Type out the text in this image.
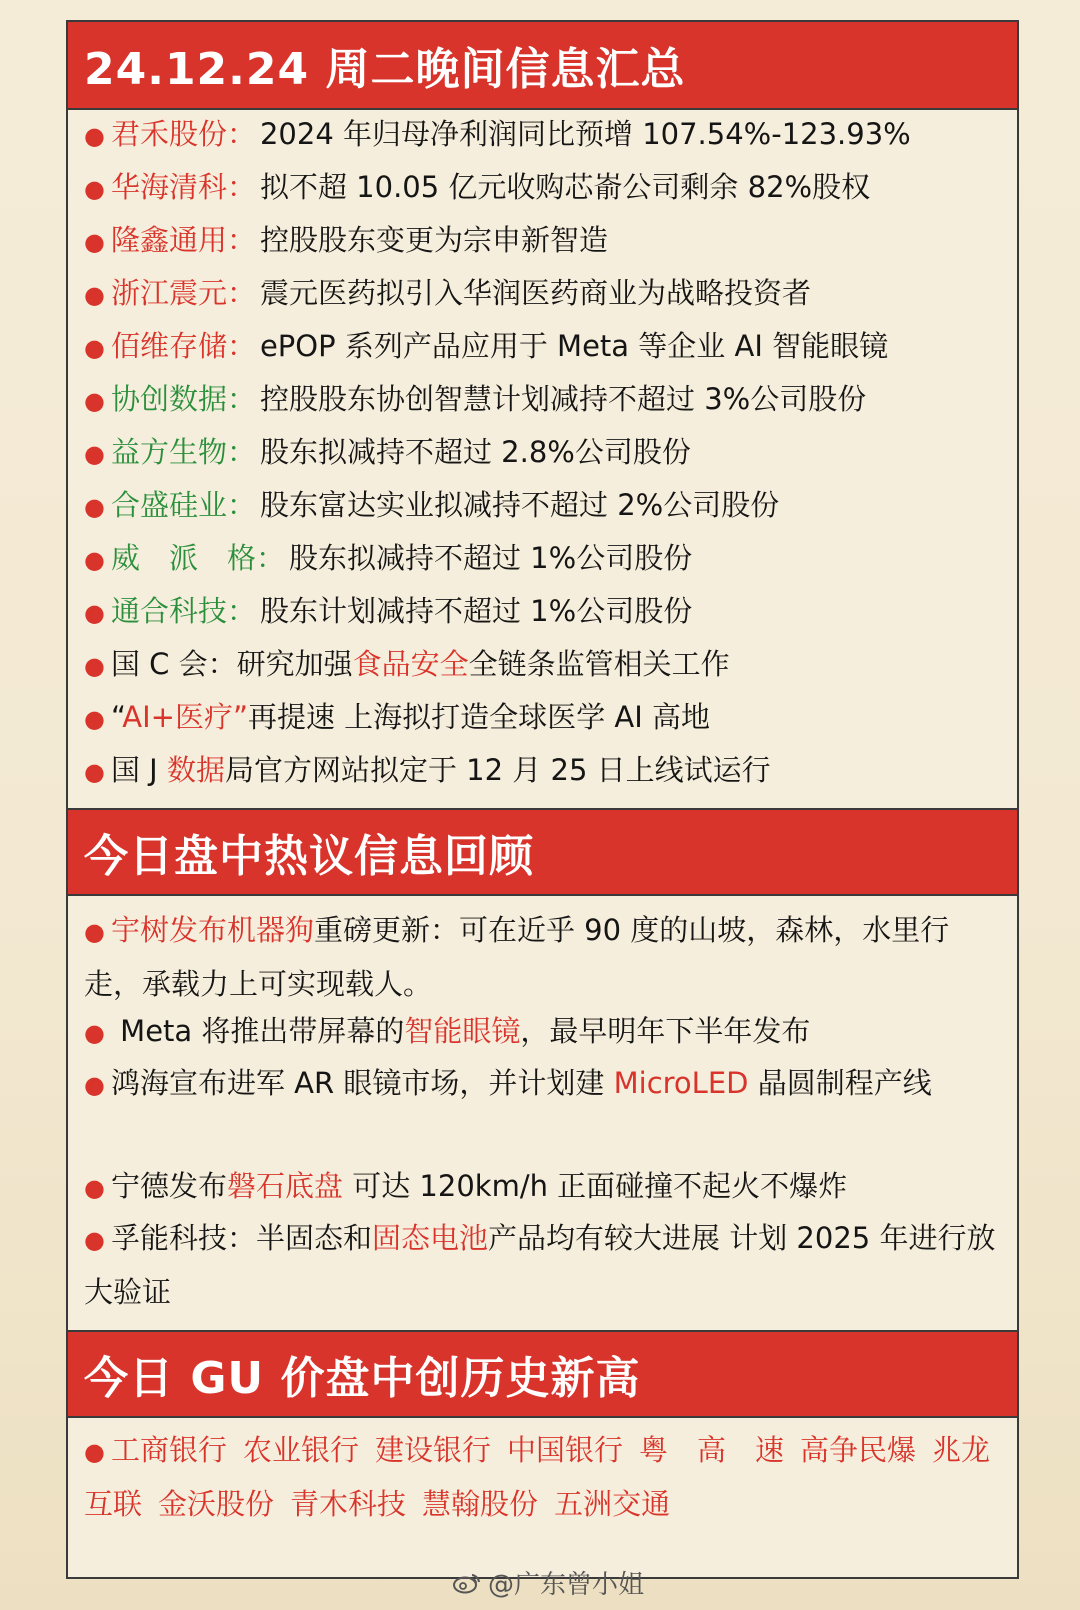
24.12.24 周二晚间信息汇总
● 君禾股份： 2024 年归母净利润同比预增 107.54%-123.93%
● 华海清科： 拟不超 10.05 亿元收购芯嵛公司剩余 82%股权
● 隆鑫通用： 控股股东变更为宗申新智造
● 浙江震元： 震元医药拟引入华润医药商业为战略投资者
● 佰维存储： ePOP 系列产品应用于 Meta 等企业 AI 智能眼镜
● 协创数据： 控股股东协创智慧计划减持不超过 3%公司股份
● 益方生物： 股东拟减持不超过 2.8%公司股份
● 合盛硅业： 股东富达实业拟减持不超过 2%公司股份
● 威　派　格： 股东拟减持不超过 1%公司股份
● 通合科技： 股东计划减持不超过 1%公司股份
● 国 C 会：研究加强食品安全全链条监管相关工作
● “AI+医疗”再提速 上海拟打造全球医学 AI 高地
● 国 J 数据局官方网站拟定于 12 月 25 日上线试运行
今日盘中热议信息回顾
● 宇树发布机器狗重磅更新：可在近乎 90 度的山坡，森林，水里行走，承载力上可实现载人。
● Meta 将推出带屏幕的智能眼镜，最早明年下半年发布
● 鸿海宣布进军 AR 眼镜市场，并计划建 MicroLED 晶圆制程产线
● 宁德发布磐石底盘 可达 120km/h 正面碰撞不起火不爆炸
● 孚能科技：半固态和固态电池产品均有较大进展 计划 2025 年进行放大验证
今日 GU 价盘中创历史新高
● 工商银行 农业银行 建设银行 中国银行 粤　高　速 高争民爆 兆龙互联 金沃股份 青木科技 慧翰股份 五洲交通
@广东曾小姐
